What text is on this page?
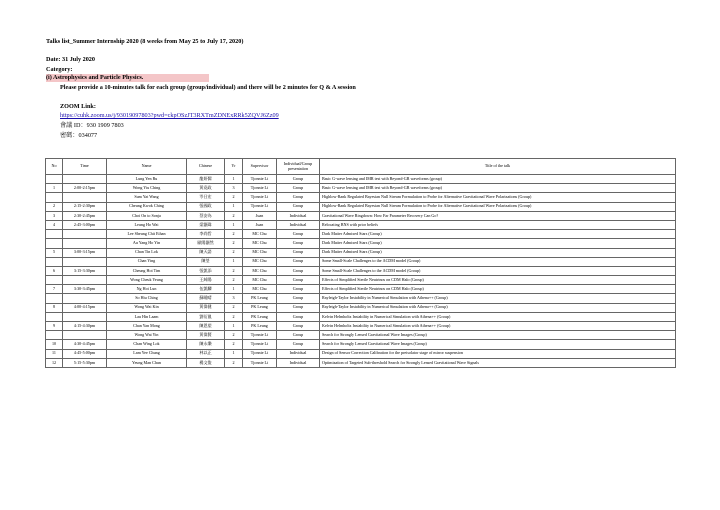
Talks list_Summer Internship 2020 (8 weeks from May 25 to July 17, 2020)
Date: 31 July 2020
Category:
(i) Astrophysics and Particle Physics.
Please provide a 10-minutes talk for each group (group/individual) and there will be 2 minutes for Q & A session
ZOOM Link:
https://cuhk.zoom.us/j/93019097803?pwd=ckpOSzJT3RXTmZDNExRRk5ZQVJ6Zz09
會議 ID：930 1909 7803
密碼：034077
No	Time	Name	Chinese	Yr	Supervisor	Individual/Group presentation	Title of the talk
		Lung Yen Ru	龍妍儒	1	Tjonnie Li	Group	Basic G-wave lensing and IMR test with Beyond-GR waveforms (group)
1	2:00-2:15pm	Wong Yiu Ching	黃堯政	3	Tjonnie Li	Group	Basic G-wave lensing and IMR test with Beyond-GR waveforms (group)
		Sum Yat Wang	岑日宏	2	Tjonnie Li	Group	Highlow-Rank Regulated Bayesian Null Stream Formulation to Probe for Alternative Gravitational Wave Polarizations (Group)
2	2:15-2:30pm	Cheung Kwok Ching	張國政	1	Tjonnie Li	Group	Highlow-Rank Regulated Bayesian Null Stream Formulation to Probe for Alternative Gravitational Wave Polarizations (Group)
3	2:30-2:45pm	Choi On to Sonja	蔡安為	2	Juan	Individual	Gravitational Wave Ringdown: How Far Parameter Recovery Can Go?
4	2:45-3:00pm	Leung Ho Wai	梁灝瑋	1	Juan	Individual	Relocating BNS with prior beliefs
		Lee Sheung Chit Ethan	李尚哲	2	MC Chu	Group	Dark Matter Admixed Stars (Group)
		Au Yang Ho Yin	歐陽灝然	2	MC Chu	Group	Dark Matter Admixed Stars (Group)
5	3:00-3:15pm	Chan Tin Lok	陳天諾	2	MC Chu	Group	Dark Matter Admixed Stars (Group)
		Chan Ying	陳瑩	1	MC Chu	Group	Some Small-Scale Challenges to the ΛCDM model (Group)
6	3:15-3:30pm	Cheung Hoi Tim	張凱添	2	MC Chu	Group	Some Small-Scale Challenges to the ΛCDM model (Group)
		Wong Cheuk Yeung	王綽陽	2	MC Chu	Group	Effects of Simplified Sterile Neutrinos on CDM Halo (Group)
7	3:30-3:45pm	Ng Hoi Lun	伍凱麟	1	MC Chu	Group	Effects of Simplified Sterile Neutrinos on CDM Halo (Group)
		So Hiu Ching	蘇曉晴	3	PK Leung	Group	Rayleigh-Taylor Instability in Numerical Simulation with Athena++ (Group)
8	4:00-4:15pm	Wong Wai Kin	黃偉健	2	PK Leung	Group	Rayleigh-Taylor Instability in Numerical Simulation with Athena++ (Group)
		Lau Hin Laam	劉衍嵐	2	PK Leung	Group	Kelvin Helmholtz Instability in Numerical Simulation with Athena++ (Group)
9	4:15-4:30pm	Chan Yan Mong	陳恩望	1	PK Leung	Group	Kelvin Helmholtz Instability in Numerical Simulation with Athena++ (Group)
		Wong Wai Yin	黃偉賢	2	Tjonnie Li	Group	Search for Strongly Lensed Gravitational Wave Images (Group)
10	4:30-4:45pm	Chan Wing Lok	陳永樂	2	Tjonnie Li	Group	Search for Strongly Lensed Gravitational Wave Images (Group)
11	4:45-5:00pm	Lam Yee Chung	林以正	1	Tjonnie Li	Individual	Design of Sensor Correction Calibration for the preisolator stage of mirror suspension
12	5:15-5:30pm	Yeung Man Chun	楊文俊	2	Tjonnie Li	Individual	Optimization of Targeted Sub-threshold Search for Strongly Lensed Gravitational Wave Signals
